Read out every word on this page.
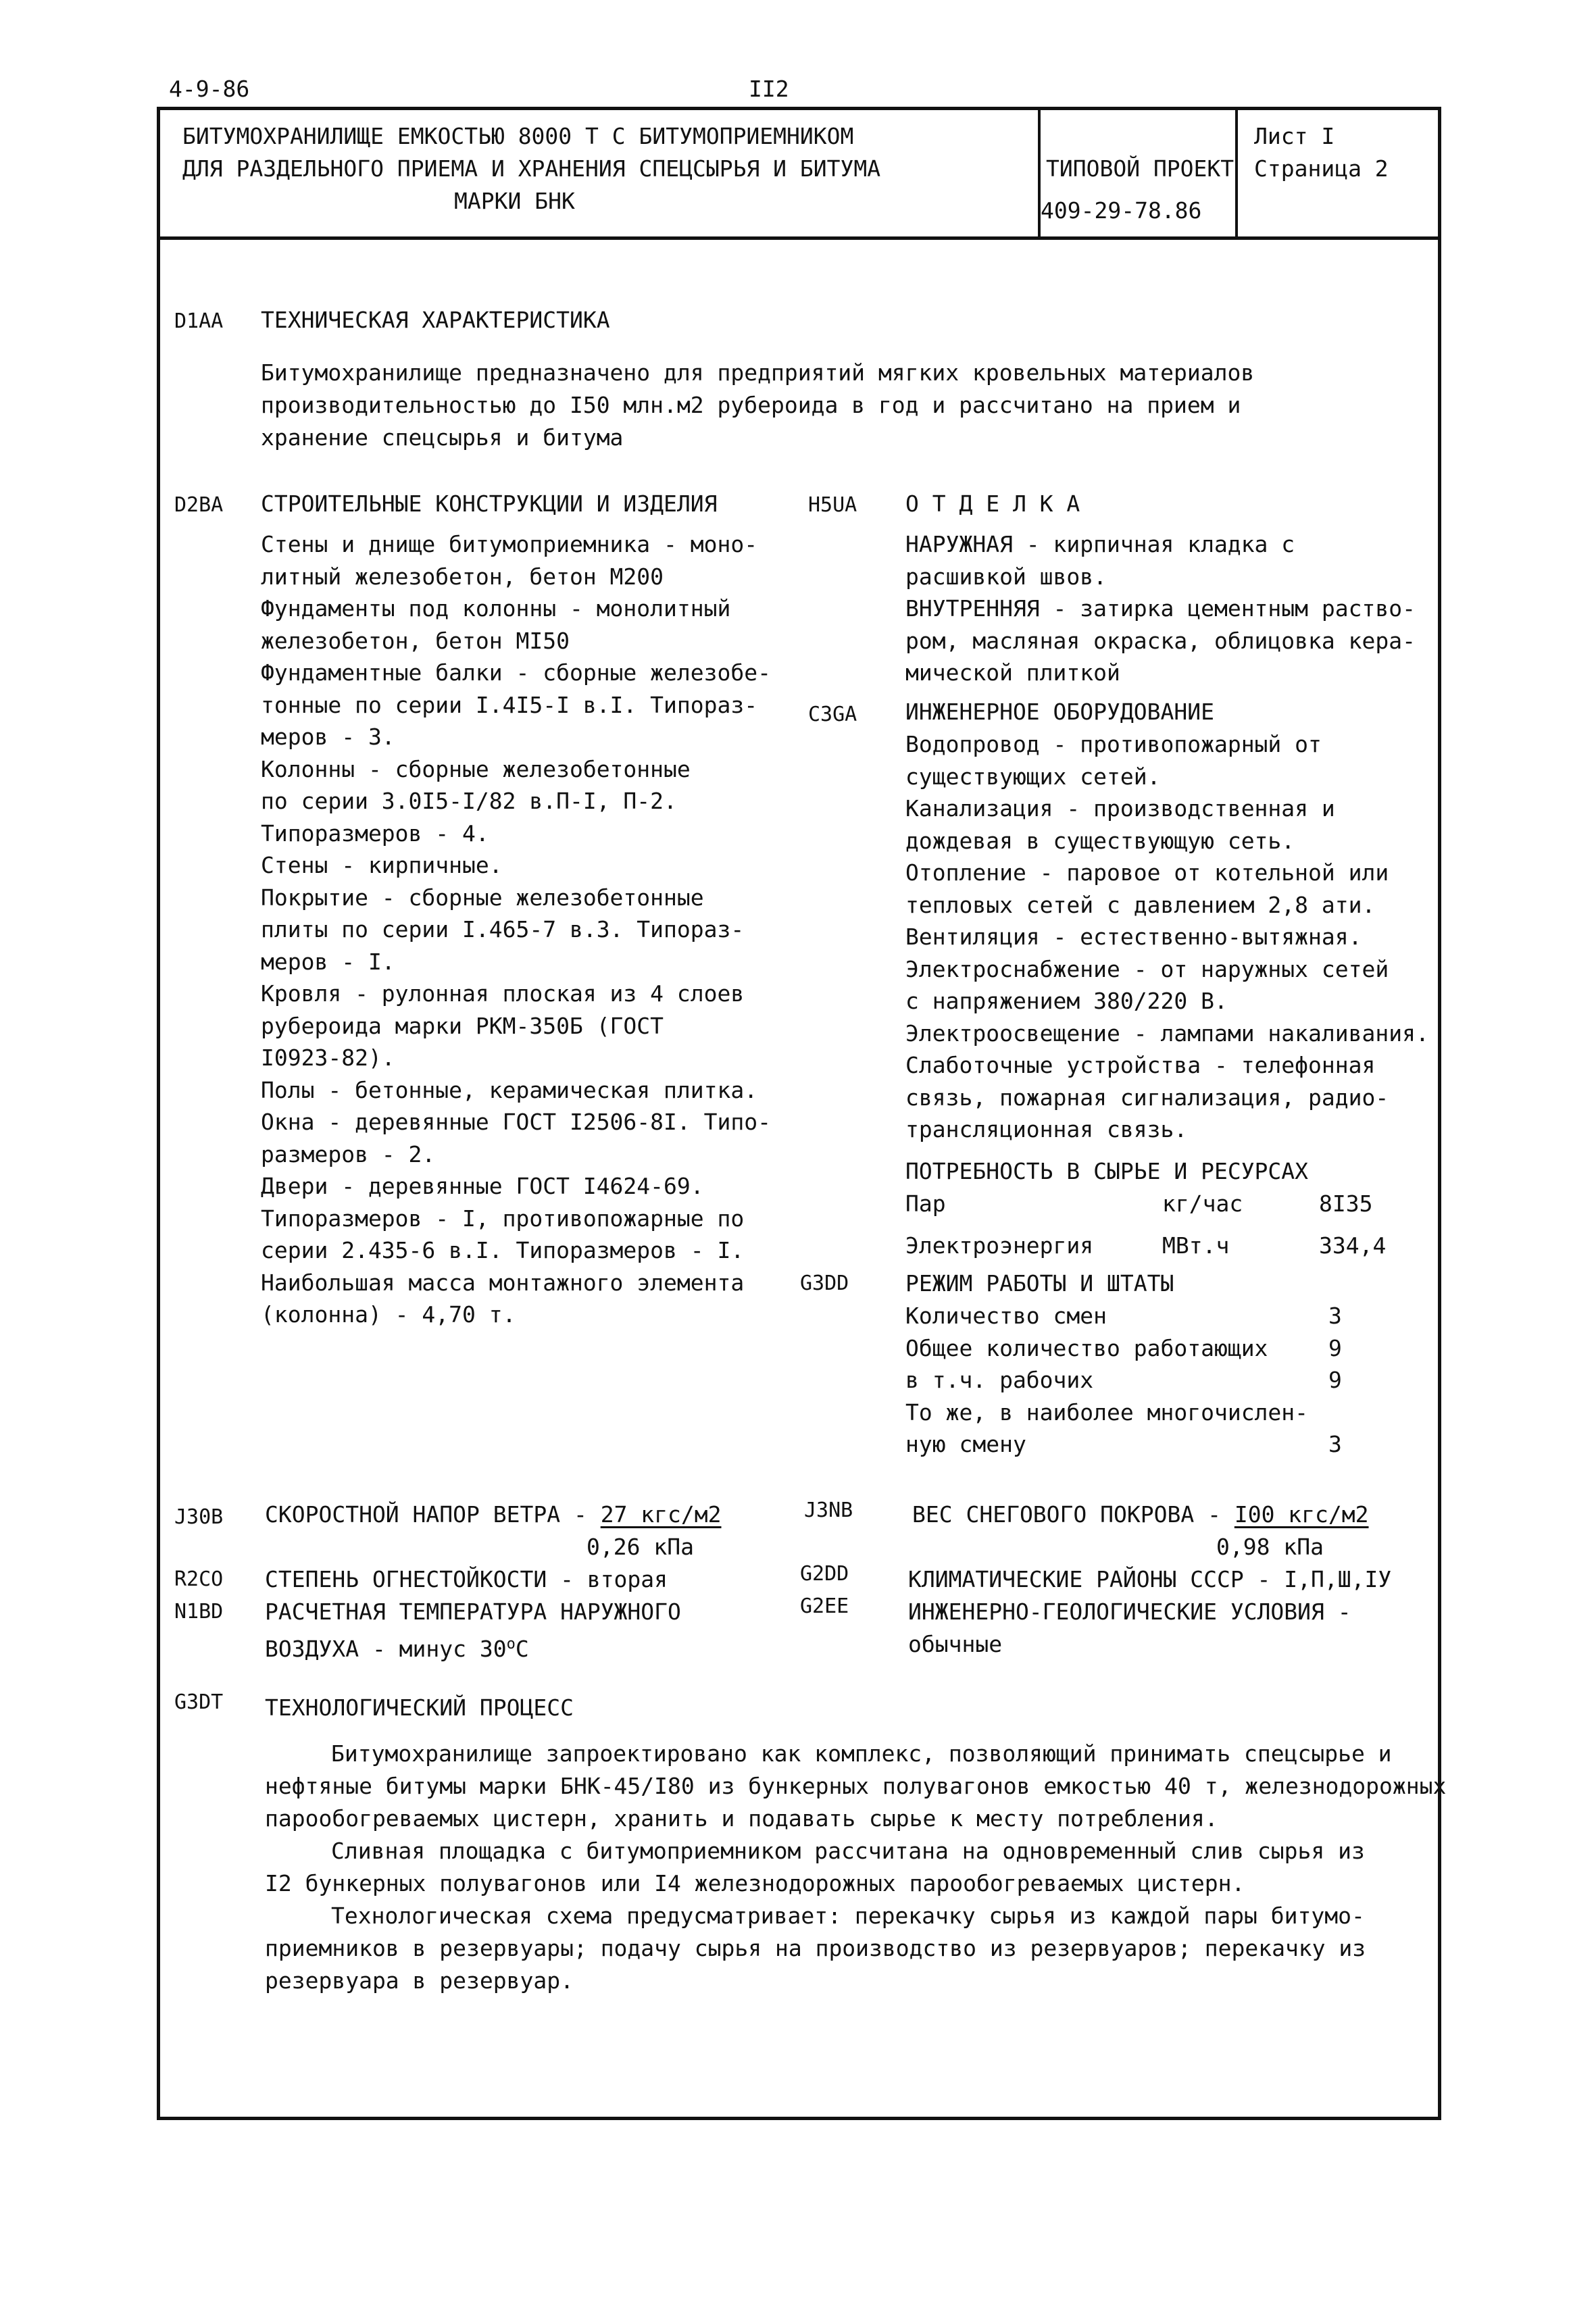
4-9-86	II2
БИТУМОХРАНИЛИЩЕ ЕМКОСТЬЮ 8000 Т С БИТУМОПРИЕМНИКОМ
ДЛЯ РАЗДЕЛЬНОГО ПРИЕМА И ХРАНЕНИЯ СПЕЦСЫРЬЯ И БИТУМА
МАРКИ БНК
ТИПОВОЙ ПРОЕКТ
409-29-78.86
Лист I
Страница 2
D1AA ТЕХНИЧЕСКАЯ ХАРАКТЕРИСТИКА
Битумохранилище предназначено для предприятий мягких кровельных материалов
производительностью до I50 млн.м2 рубероида в год и рассчитано на прием и
хранение спецсырья и битума
D2BA СТРОИТЕЛЬНЫЕ КОНСТРУКЦИИ И ИЗДЕЛИЯ
Стены и днище битумоприемника - моно-
литный железобетон, бетон М200
Фундаменты под колонны - монолитный
железобетон, бетон МI50
Фундаментные балки - сборные железобе-
тонные по серии I.4I5-I в.I. Типораз-
меров - 3.
Колонны - сборные железобетонные
по серии 3.0I5-I/82 в.П-I, П-2.
Типоразмеров - 4.
Стены - кирпичные.
Покрытие - сборные железобетонные
плиты по серии I.465-7 в.3. Типораз-
меров - I.
Кровля - рулонная плоская из 4 слоев
рубероида марки РКМ-350Б (ГОСТ
I0923-82).
Полы - бетонные, керамическая плитка.
Окна - деревянные ГОСТ I2506-8I. Типо-
размеров - 2.
Двери - деревянные ГОСТ I4624-69.
Типоразмеров - I, противопожарные по
серии 2.435-6 в.I. Типоразмеров - I.
Наибольшая масса монтажного элемента
(колонна) - 4,70 т.
H5UA О Т Д Е Л К А
НАРУЖНАЯ - кирпичная кладка с
расшивкой швов.
ВНУТРЕННЯЯ - затирка цементным раство-
ром, масляная окраска, облицовка кера-
мической плиткой
C3GA ИНЖЕНЕРНОЕ ОБОРУДОВАНИЕ
Водопровод - противопожарный от
существующих сетей.
Канализация - производственная и
дождевая в существующую сеть.
Отопление - паровое от котельной или
тепловых сетей с давлением 2,8 ати.
Вентиляция - естественно-вытяжная.
Электроснабжение - от наружных сетей
с напряжением 380/220 В.
Электроосвещение - лампами накаливания.
Слаботочные устройства - телефонная
связь, пожарная сигнализация, радио-
трансляционная связь.
ПОТРЕБНОСТЬ В СЫРЬЕ И РЕСУРСАХ
Пар	кг/час	8I35
Электроэнергия	МВт.ч	334,4
G3DD	РЕЖИМ РАБОТЫ И ШТАТЫ
Количество смен	3
Общее количество работающих	9
в т.ч. рабочих	9
То же, в наиболее многочислен-
ную смену	3
J30B СКОРОСТНОЙ НАПОР ВЕТРА - 27 кгс/м2
0,26 кПа
J3NB	ВЕС СНЕГОВОГО ПОКРОВА - I00 кгс/м2
0,98 кПа
R2CO СТЕПЕНЬ ОГНЕСТОЙКОСТИ - вторая	G2DD	КЛИМАТИЧЕСКИЕ РАЙОНЫ СССР - I,П,Ш,IУ
N1BD РАСЧЕТНАЯ ТЕМПЕРАТУРА НАРУЖНОГО
ВОЗДУХА - минус $30^оС$
G2EE	ИНЖЕНЕРНО-ГЕОЛОГИЧЕСКИЕ УСЛОВИЯ -
обычные
G3DT ТЕХНОЛОГИЧЕСКИЙ ПРОЦЕСС
Битумохранилище запроектировано как комплекс, позволяющий принимать спецсырье и
нефтяные битумы марки БНК-45/I80 из бункерных полувагонов емкостью 40 т, железнодорожных
парообогреваемых цистерн, хранить и подавать сырье к месту потребления.
Сливная площадка с битумоприемником рассчитана на одновременный слив сырья из
I2 бункерных полувагонов или I4 железнодорожных парообогреваемых цистерн.
Технологическая схема предусматривает: перекачку сырья из каждой пары битумо-
приемников в резервуары; подачу сырья на производство из резервуаров; перекачку из
резервуара в резервуар.
